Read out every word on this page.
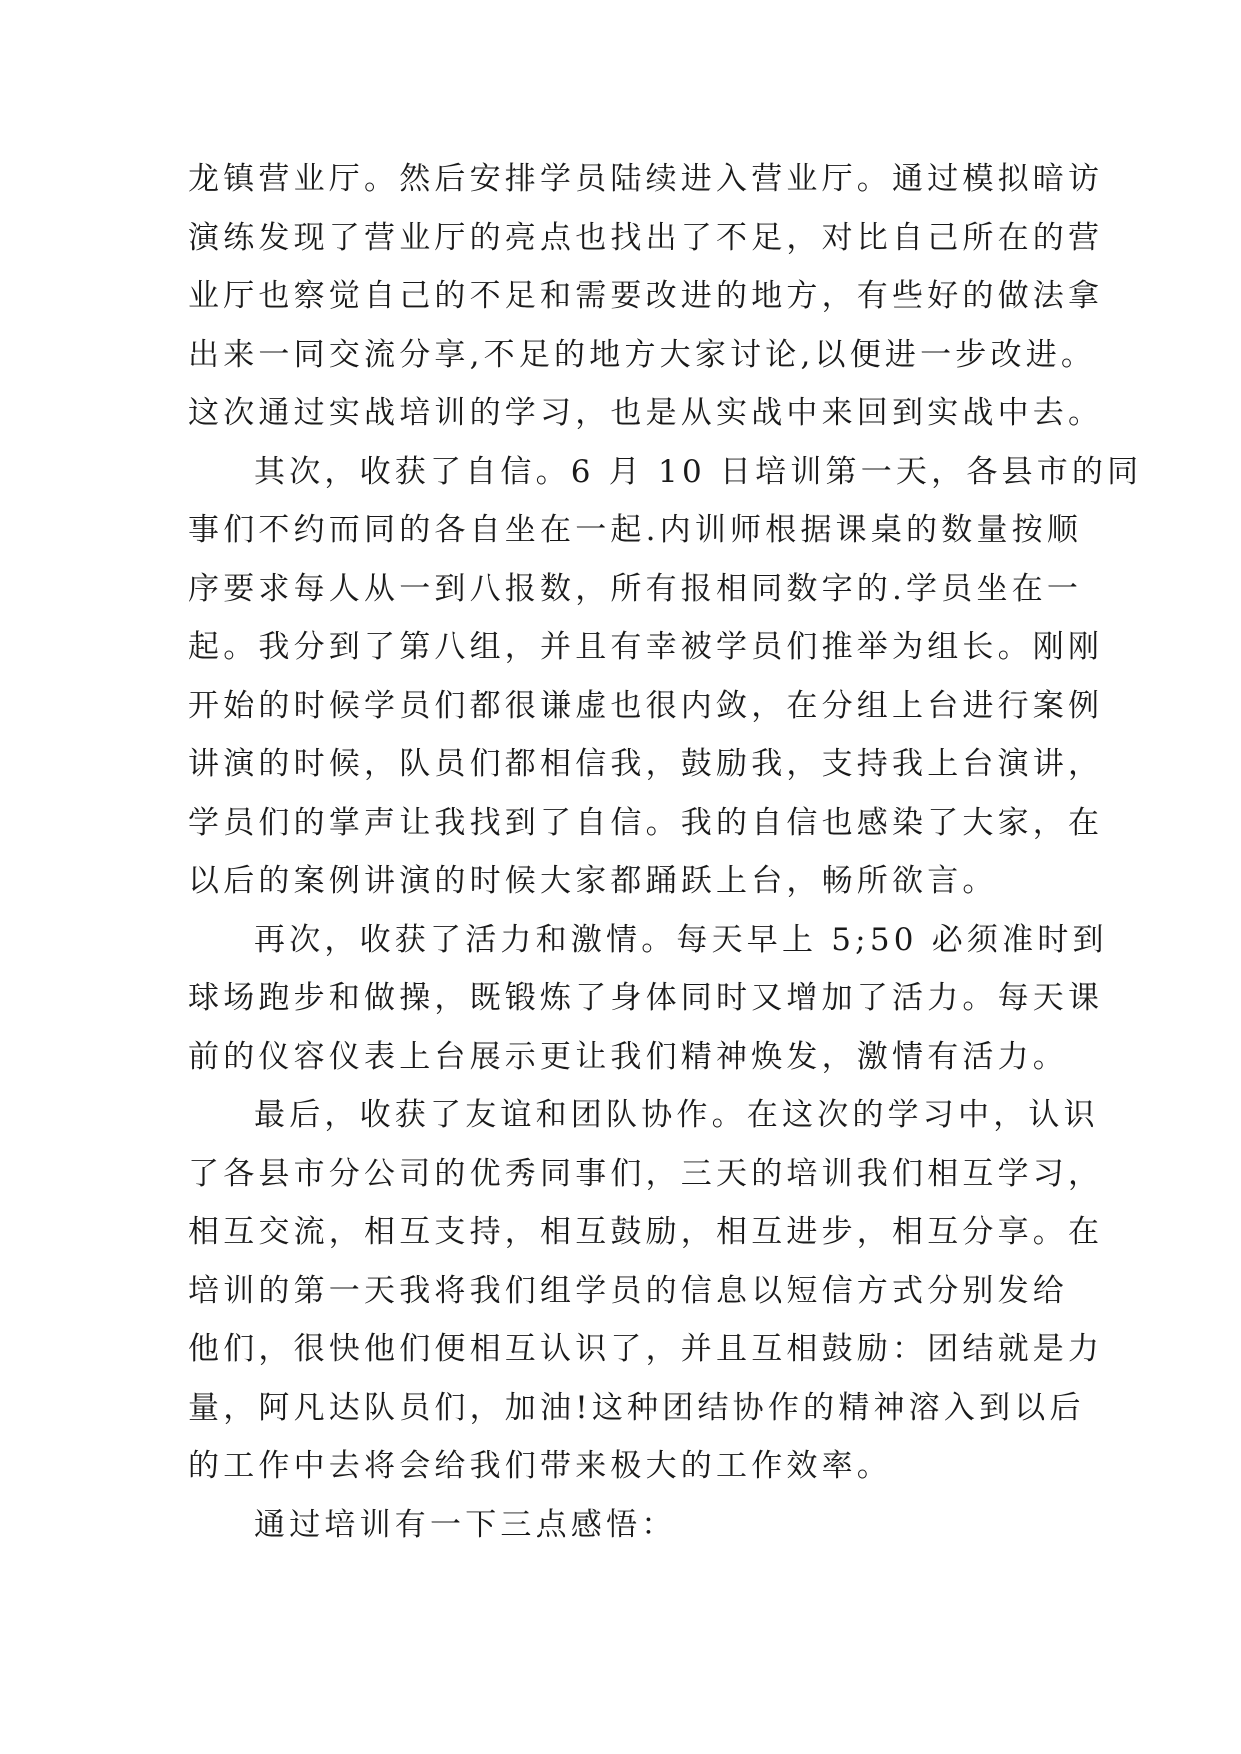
龙镇营业厅。然后安排学员陆续进入营业厅。通过模拟暗访
演练发现了营业厅的亮点也找出了不足，对比自己所在的营
业厅也察觉自己的不足和需要改进的地方，有些好的做法拿
出来一同交流分享,不足的地方大家讨论,以便进一步改进。
这次通过实战培训的学习，也是从实战中来回到实战中去。
其次，收获了自信。6 月 10 日培训第一天，各县市的同
事们不约而同的各自坐在一起.内训师根据课桌的数量按顺
序要求每人从一到八报数，所有报相同数字的.学员坐在一
起。我分到了第八组，并且有幸被学员们推举为组长。刚刚
开始的时候学员们都很谦虚也很内敛，在分组上台进行案例
讲演的时候，队员们都相信我，鼓励我，支持我上台演讲，
学员们的掌声让我找到了自信。我的自信也感染了大家，在
以后的案例讲演的时候大家都踊跃上台，畅所欲言。
再次，收获了活力和激情。每天早上 5;50 必须准时到
球场跑步和做操，既锻炼了身体同时又增加了活力。每天课
前的仪容仪表上台展示更让我们精神焕发，激情有活力。
最后，收获了友谊和团队协作。在这次的学习中，认识
了各县市分公司的优秀同事们，三天的培训我们相互学习，
相互交流，相互支持，相互鼓励，相互进步，相互分享。在
培训的第一天我将我们组学员的信息以短信方式分别发给
他们，很快他们便相互认识了，并且互相鼓励：团结就是力
量，阿凡达队员们，加油!这种团结协作的精神溶入到以后
的工作中去将会给我们带来极大的工作效率。
通过培训有一下三点感悟：
